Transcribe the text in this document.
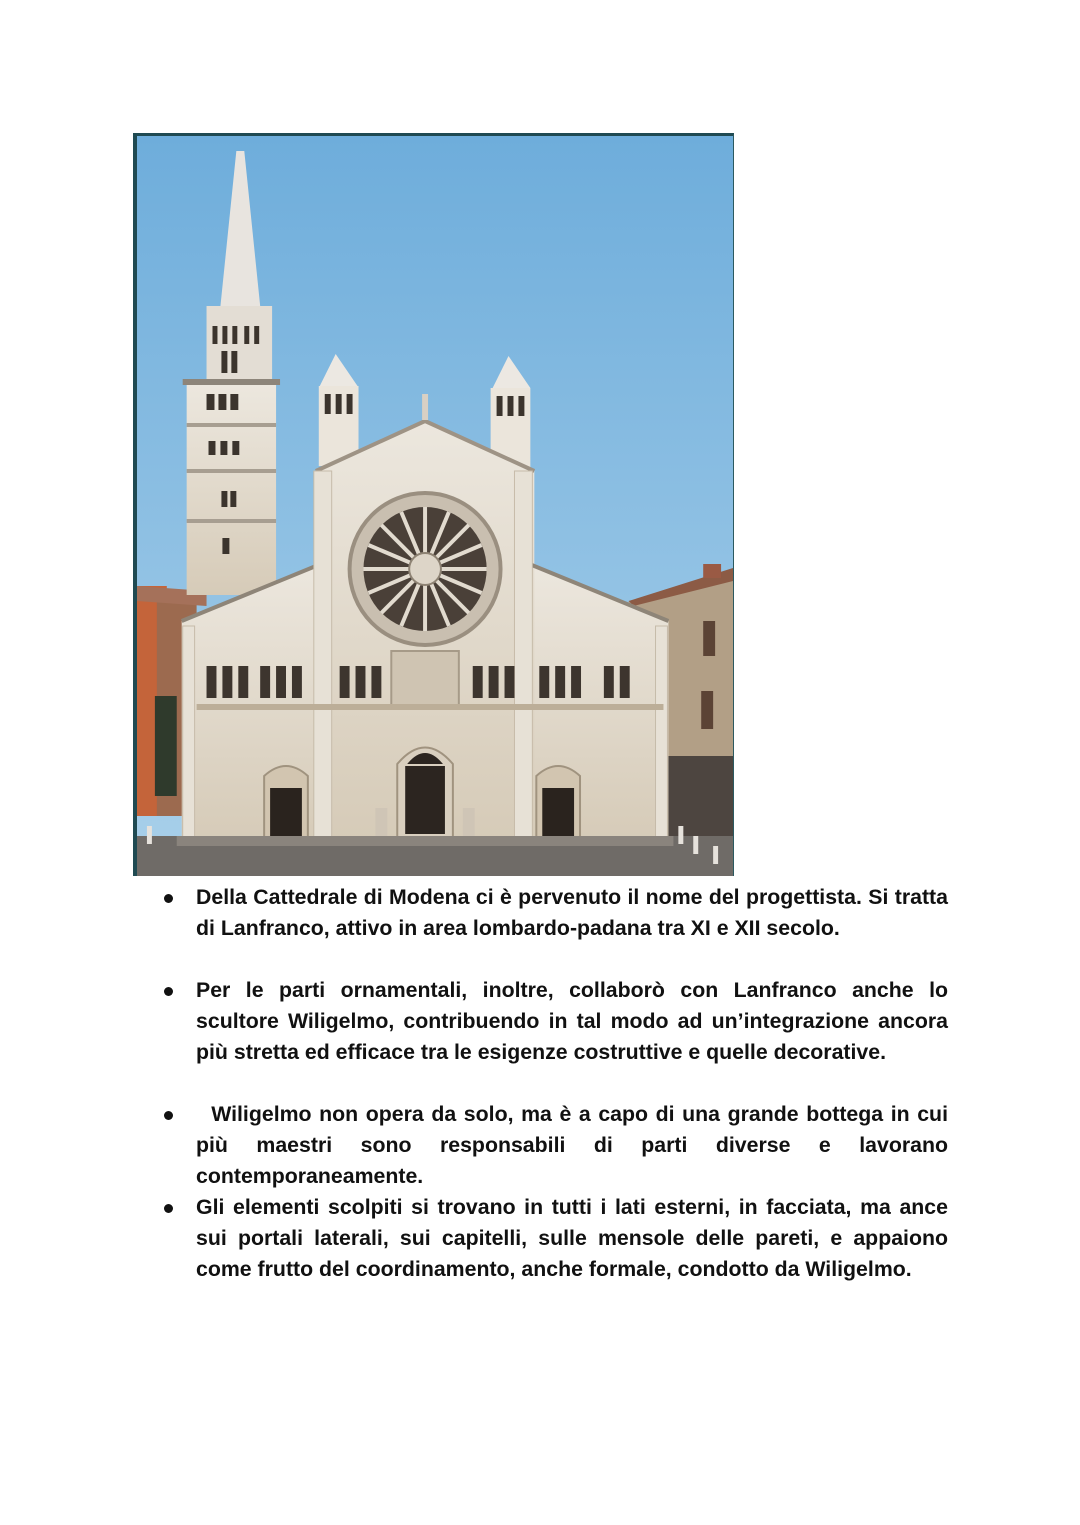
Della Cattedrale di Modena ci è pervenuto il nome del progettista. Si tratta di Lanfranco, attivo in area lombardo-padana tra XI e XII secolo.
Per le parti ornamentali, inoltre, collaborò con Lanfranco anche lo scultore Wiligelmo, contribuendo in tal modo ad un’integrazione ancora più stretta ed efficace tra le esigenze costruttive e quelle decorative.
Wiligelmo non opera da solo, ma è a capo di una grande bottega in cui più maestri sono responsabili di parti diverse e lavorano contemporaneamente.
Gli elementi scolpiti si trovano in tutti i lati esterni, in facciata, ma ance sui portali laterali, sui capitelli, sulle mensole delle pareti, e appaiono come frutto del coordinamento, anche formale, condotto da Wiligelmo.
